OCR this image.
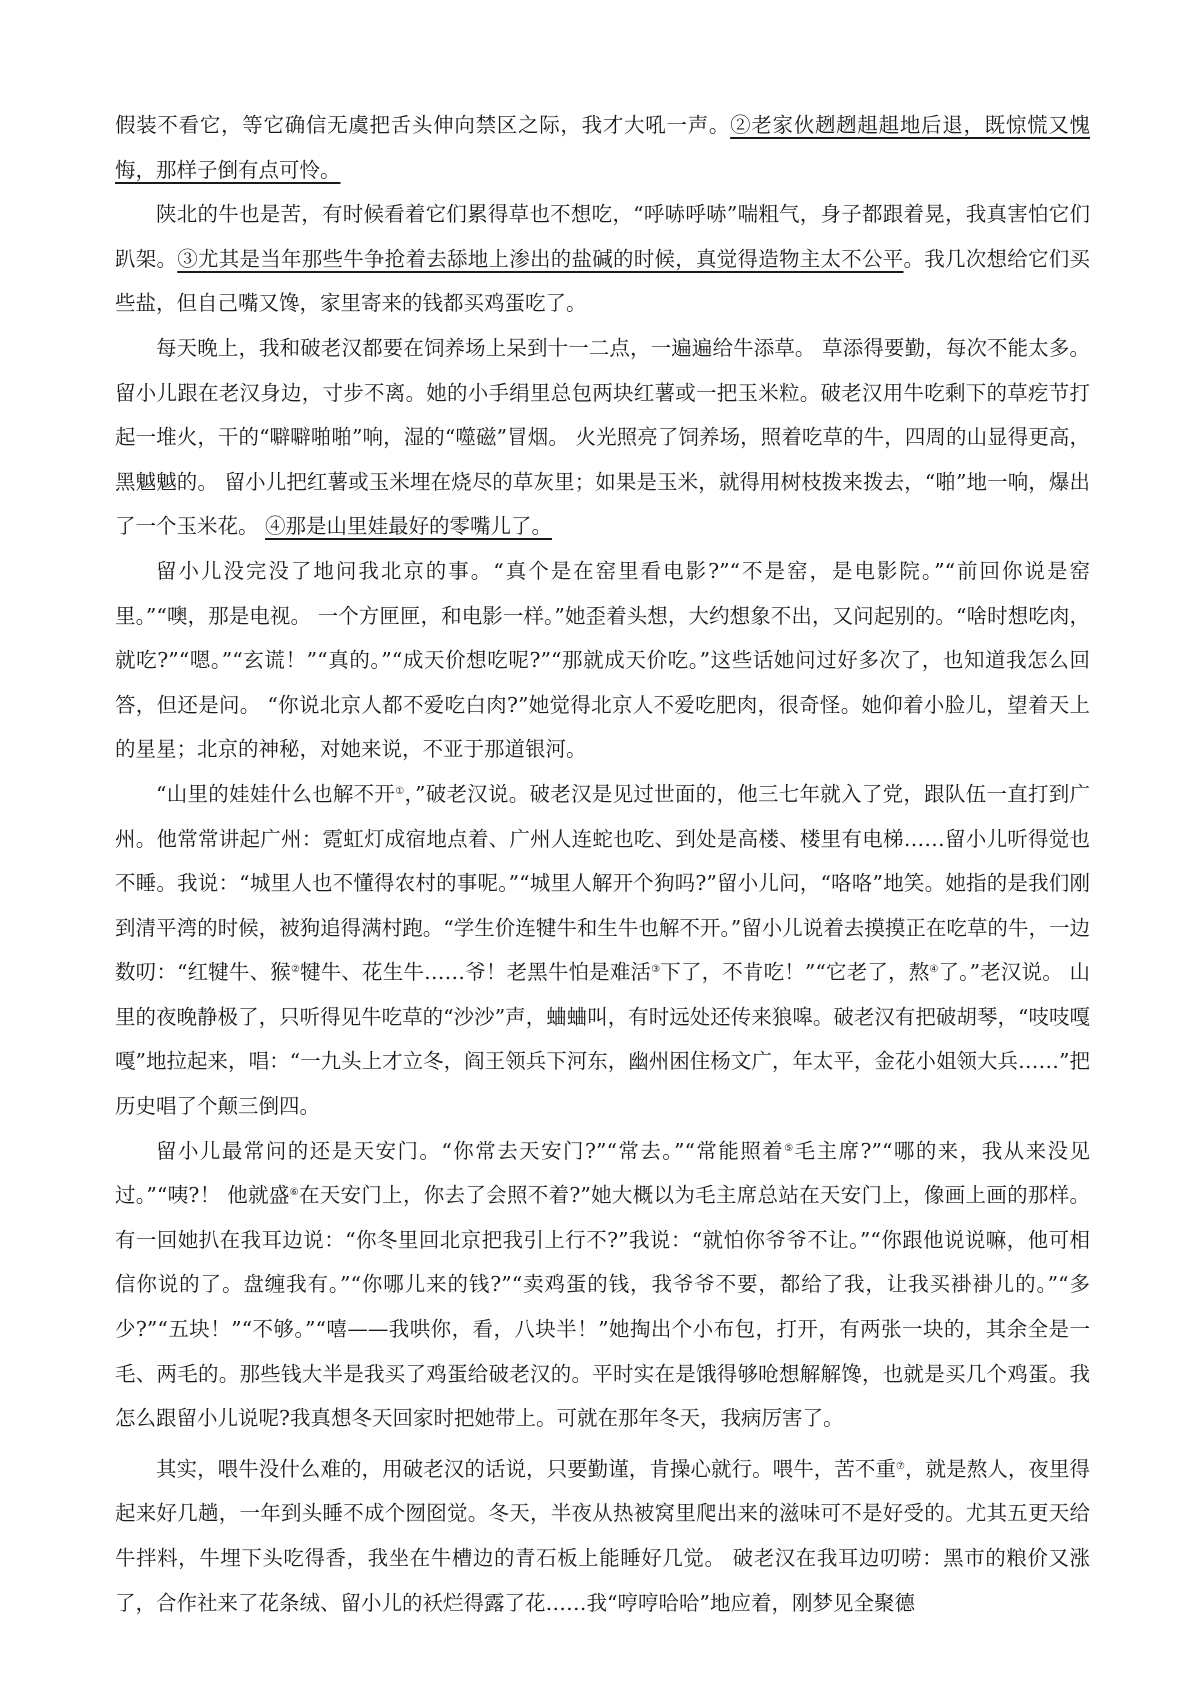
假装不看它，等它确信无虞把舌头伸向禁区之际，我才大吼一声。②老家伙趔趔趄趄地后退，既惊慌又愧悔，那样子倒有点可怜。

陕北的牛也是苦，有时候看着它们累得草也不想吃，“呼哧呼哧”喘粗气，身子都跟着晃，我真害怕它们趴架。③尤其是当年那些牛争抢着去舔地上渗出的盐碱的时候，真觉得造物主太不公平。我几次想给它们买些盐，但自己嘴又馋，家里寄来的钱都买鸡蛋吃了。

每天晚上，我和破老汉都要在饲养场上呆到十一二点，一遍遍给牛添草。 草添得要勤，每次不能太多。留小儿跟在老汉身边，寸步不离。她的小手绢里总包两块红薯或一把玉米粒。破老汉用牛吃剩下的草疙节打起一堆火，干的“噼噼啪啪”响，湿的“噬磁”冒烟。 火光照亮了饲养场，照着吃草的牛，四周的山显得更高，黑魆魆的。 留小儿把红薯或玉米埋在烧尽的草灰里；如果是玉米，就得用树枝拨来拨去，“啪”地一响，爆出了一个玉米花。 ④那是山里娃最好的零嘴儿了。

留小儿没完没了地问我北京的事。“真个是在窑里看电影?”“不是窑，是电影院。”“前回你说是窑里。”“噢，那是电视。 一个方匣匣，和电影一样。”她歪着头想，大约想象不出，又问起别的。“啥时想吃肉，就吃?”“嗯。”“玄谎！”“真的。”“成天价想吃呢?”“那就成天价吃。”这些话她问过好多次了，也知道我怎么回答，但还是问。 “你说北京人都不爱吃白肉?”她觉得北京人不爱吃肥肉，很奇怪。她仰着小脸儿，望着天上的星星；北京的神秘，对她来说，不亚于那道银河。

“山里的娃娃什么也解不开①，”破老汉说。破老汉是见过世面的，他三七年就入了党，跟队伍一直打到广州。他常常讲起广州：霓虹灯成宿地点着、广州人连蛇也吃、到处是高楼、楼里有电梯……留小儿听得觉也不睡。我说：“城里人也不懂得农村的事呢。”“城里人解开个狗吗?”留小儿问，“咯咯”地笑。她指的是我们刚到清平湾的时候，被狗追得满村跑。“学生价连犍牛和生牛也解不开。”留小儿说着去摸摸正在吃草的牛，一边数叨：“红犍牛、猴②犍牛、花生牛……爷！老黑牛怕是难活③下了，不肯吃！”“它老了，熬④了。”老汉说。 山里的夜晚静极了，只听得见牛吃草的“沙沙”声，蛐蛐叫，有时远处还传来狼嗥。破老汉有把破胡琴，“吱吱嘎嘎”地拉起来，唱：“一九头上才立冬，阎王领兵下河东，幽州困住杨文广，年太平，金花小姐领大兵……”把历史唱了个颠三倒四。

留小儿最常问的还是天安门。“你常去天安门?”“常去。”“常能照着⑤毛主席?”“哪的来，我从来没见过。”“咦?！ 他就盛⑥在天安门上，你去了会照不着?”她大概以为毛主席总站在天安门上，像画上画的那样。有一回她扒在我耳边说：“你冬里回北京把我引上行不?”我说：“就怕你爷爷不让。”“你跟他说说嘛，他可相信你说的了。盘缠我有。”“你哪儿来的钱?”“卖鸡蛋的钱，我爷爷不要，都给了我，让我买褂褂儿的。”“多少?”“五块！”“不够。”“嘻——我哄你，看，八块半！”她掏出个小布包，打开，有两张一块的，其余全是一毛、两毛的。那些钱大半是我买了鸡蛋给破老汉的。平时实在是饿得够呛想解解馋，也就是买几个鸡蛋。我怎么跟留小儿说呢?我真想冬天回家时把她带上。可就在那年冬天，我病厉害了。

其实，喂牛没什么难的，用破老汉的话说，只要勤谨，肯操心就行。喂牛，苦不重⑦，就是熬人，夜里得起来好几趟，一年到头睡不成个囫囵觉。冬天，半夜从热被窝里爬出来的滋味可不是好受的。尤其五更天给牛拌料，牛埋下头吃得香，我坐在牛槽边的青石板上能睡好几觉。 破老汉在我耳边叨唠：黑市的粮价又涨了，合作社来了花条绒、留小儿的袄烂得露了花……我“哼哼哈哈”地应着，刚梦见全聚德
